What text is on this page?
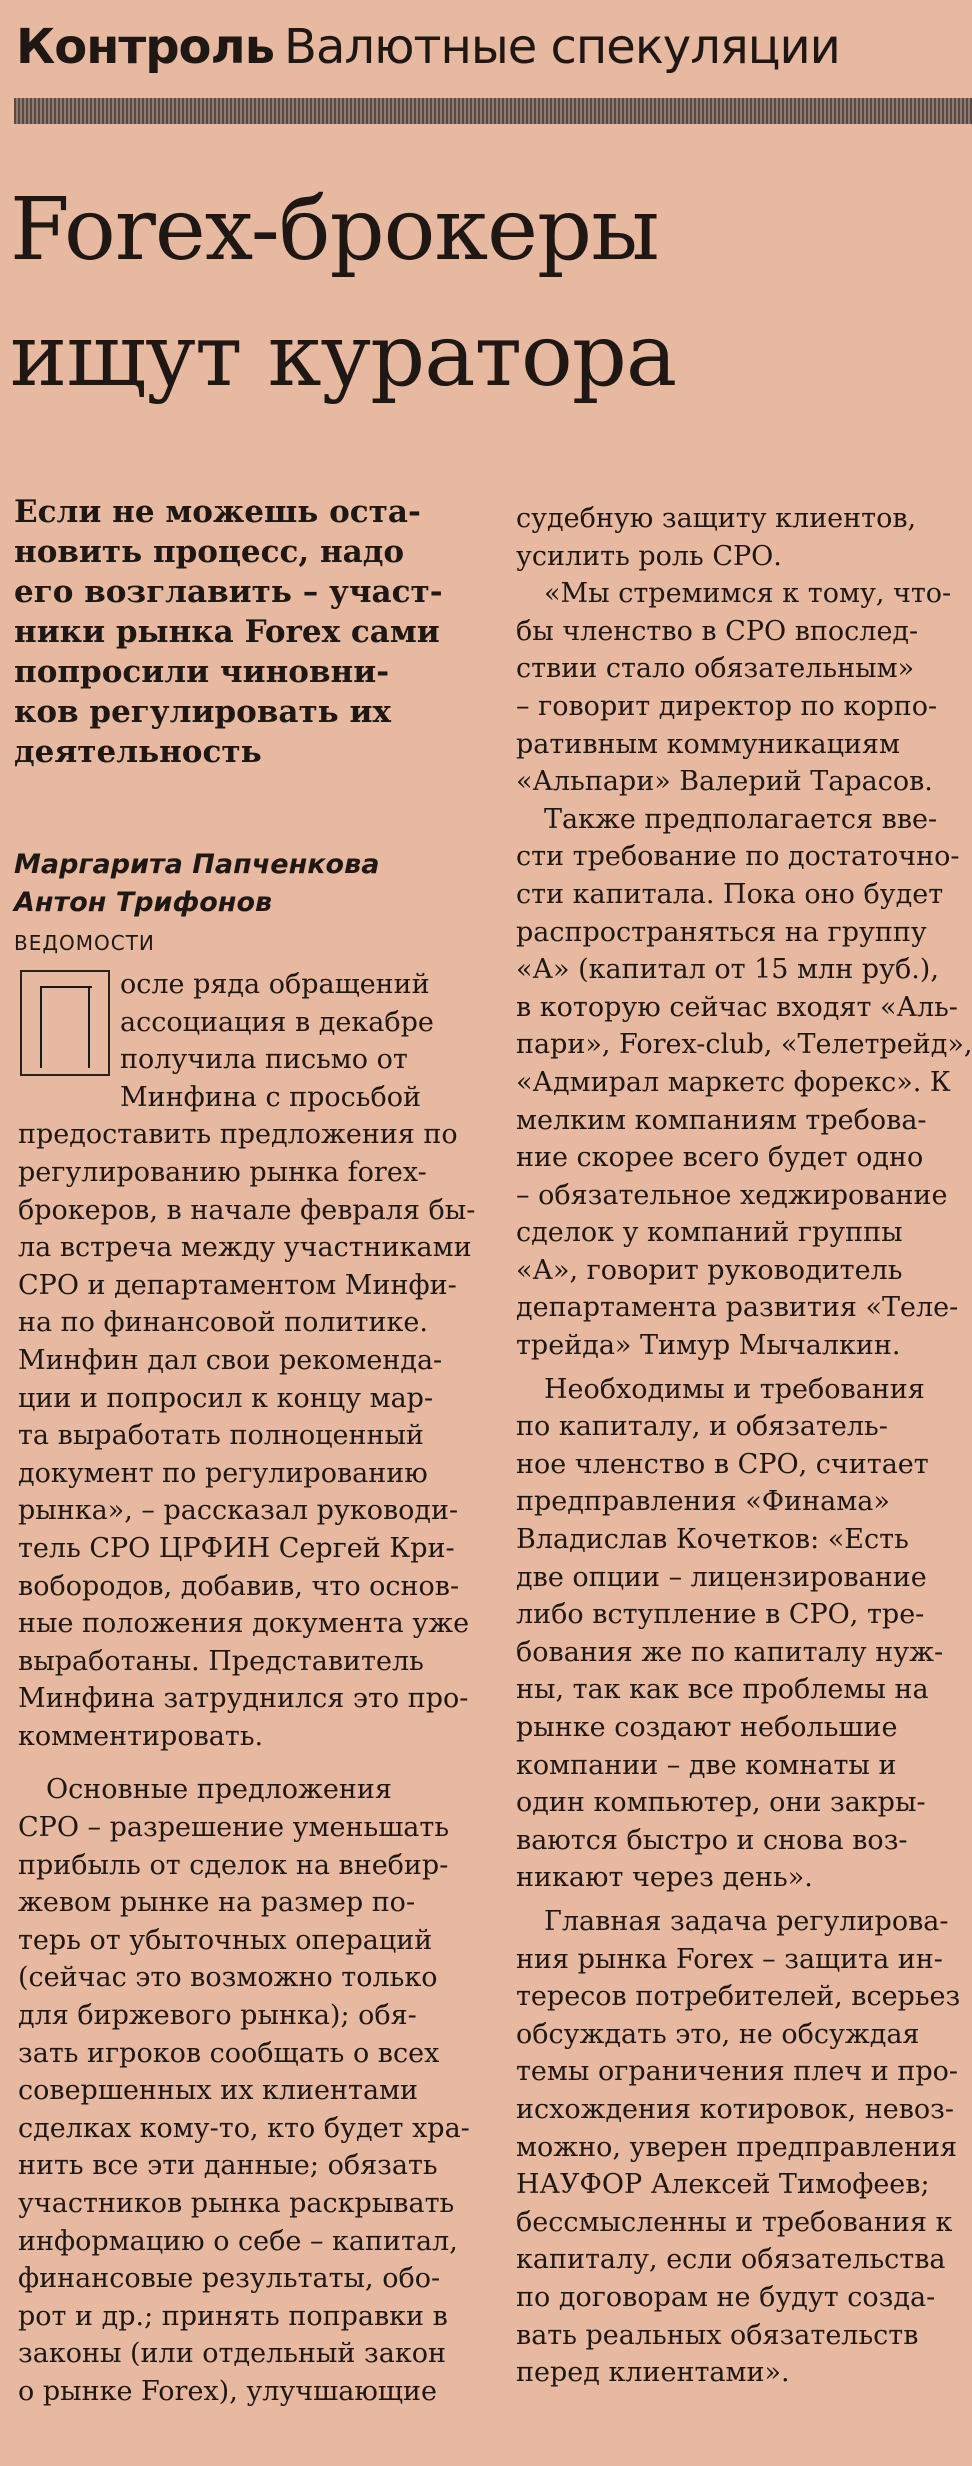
Контроль Валютные спекуляции
Forex-брокеры
ищут куратора
Если не можешь оста-
новить процесс, надо
его возглавить – участ-
ники рынка Forex сами
попросили чиновни-
ков регулировать их
деятельность
Маргарита Папченкова
Антон Трифонов
ВЕДОМОСТИ
осле ряда обращений
ассоциация в декабре
получила письмо от
Минфина с просьбой
предоставить предложения по
регулированию рынка forex-
брокеров, в начале февраля бы-
ла встреча между участниками
СРО и департаментом Минфи-
на по финансовой политике.
Минфин дал свои рекоменда-
ции и попросил к концу мар-
та выработать полноценный
документ по регулированию
рынка», – рассказал руководи-
тель СРО ЦРФИН Сергей Кри-
вобородов, добавив, что основ-
ные положения документа уже
выработаны. Представитель
Минфина затруднился это про-
комментировать.
Основные предложения
СРО – разрешение уменьшать
прибыль от сделок на внебир-
жевом рынке на размер по-
терь от убыточных операций
(сейчас это возможно только
для биржевого рынка); обя-
зать игроков сообщать о всех
совершенных их клиентами
сделках кому-то, кто будет хра-
нить все эти данные; обязать
участников рынка раскрывать
информацию о себе – капитал,
финансовые результаты, обо-
рот и др.; принять поправки в
законы (или отдельный закон
о рынке Forex), улучшающие
судебную защиту клиентов,
усилить роль СРО.
«Мы стремимся к тому, что-
бы членство в СРО впослед-
ствии стало обязательным»
– говорит директор по корпо-
ративным коммуникациям
«Альпари» Валерий Тарасов.
Также предполагается вве-
сти требование по достаточно-
сти капитала. Пока оно будет
распространяться на группу
«А» (капитал от 15 млн руб.),
в которую сейчас входят «Аль-
пари», Forex-club, «Телетрейд»,
«Адмирал маркетс форекс». К
мелким компаниям требова-
ние скорее всего будет одно
– обязательное хеджирование
сделок у компаний группы
«А», говорит руководитель
департамента развития «Теле-
трейда» Тимур Мычалкин.
Необходимы и требования
по капиталу, и обязатель-
ное членство в СРО, считает
предправления «Финама»
Владислав Кочетков: «Есть
две опции – лицензирование
либо вступление в СРО, тре-
бования же по капиталу нуж-
ны, так как все проблемы на
рынке создают небольшие
компании – две комнаты и
один компьютер, они закры-
ваются быстро и снова воз-
никают через день».
Главная задача регулирова-
ния рынка Forex – защита ин-
тересов потребителей, всерьез
обсуждать это, не обсуждая
темы ограничения плеч и про-
исхождения котировок, невоз-
можно, уверен предправления
НАУФОР Алексей Тимофеев;
бессмысленны и требования к
капиталу, если обязательства
по договорам не будут созда-
вать реальных обязательств
перед клиентами».
